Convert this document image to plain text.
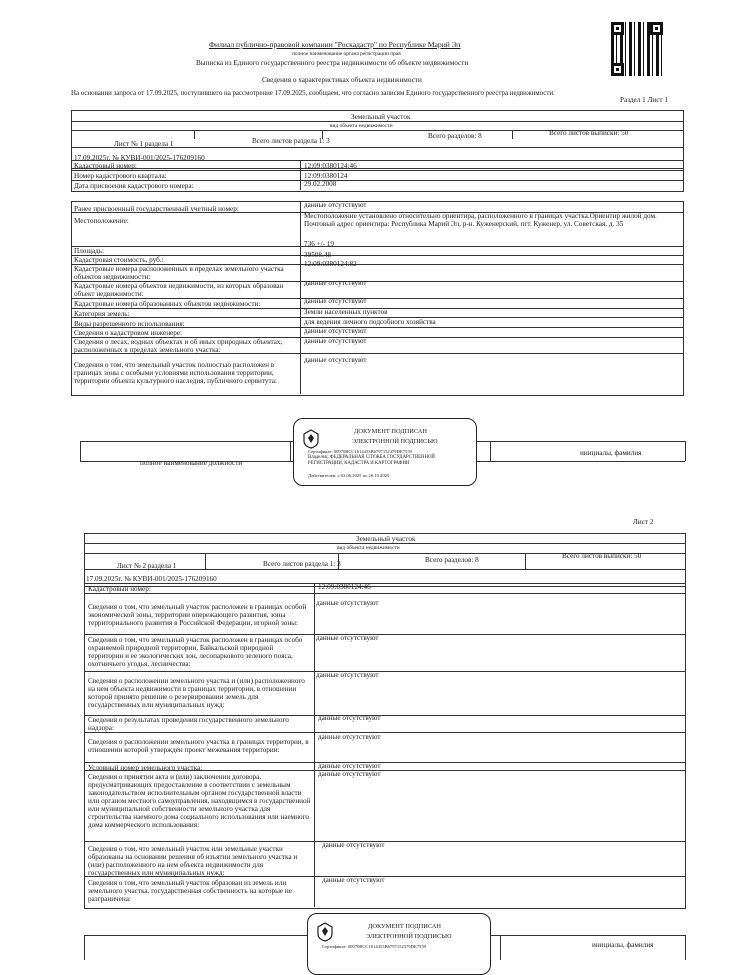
Филиал публично-правовой компании "Роскадастр" по Республике Марий Эл
полное наименование органа регистрации прав
Выписка из Единого государственного реестра недвижимости об объекте недвижимости
Сведения о характеристиках объекта недвижимости
На основании запроса от 17.09.2025, поступившего на рассмотрение 17.09.2025, сообщаем, что согласно записям Единого государственного реестра недвижимости:
Раздел 1 Лист 1
Земельный участок
вид объекта недвижимости
Лист № 1 раздела 1	Всего листов раздела 1: 3
Всего разделов: 8	Всего листов выписки: 50
17.09.2025г. № КУВИ-001/2025-176209160
Кадастровый номер:	12:09:0380124:46
Номер кадастрового квартала:	12:09:0380124
Дата присвоения кадастрового номера:	29.02.2008
Ранее присвоенный государственный учетный номер:	данные отсутствуют
Местоположение:
Местоположение установлено относительно ориентира, расположенного в границах участка.Ориентир жилой дом. Почтовый адрес ориентира: Республика Марий Эл, р-н. Куженерский, пгт. Куженер, ул. Советская, д. 35
Площадь:
736 +/- 19
Кадастровая стоимость, руб.:
39508.48
Кадастровые номера расположенных в пределах земельного участка объектов недвижимости:
12:09:0380124:82
Кадастровые номера объектов недвижимости, из которых образован объект недвижимости:
данные отсутствуют
Кадастровые номера образованных объектов недвижимости:	данные отсутствуют
Категория земель:	Земли населенных пунктов
Виды разрешенного использования:	для ведения личного подсобного хозяйства
Сведения о кадастровом инженере:	данные отсутствуют
Сведения о лесах, водных объектах и об иных природных объектах, расположенных в пределах земельного участка:
данные отсутствуют
Сведения о том, что земельный участок полностью расположен в границах зоны с особыми условиями использования территории, территории объекта культурного наследия, публичного сервитута:
данные отсутствуют
полное наименование должности
инициалы, фамилия
ДОКУМЕНТ ПОДПИСАН
ЭЛЕКТРОННОЙ ПОДПИСЬЮ
Сертификат: 00970BCC1614453B6797152379DE7559
Владелец: ФЕДЕРАЛЬНАЯ СЛУЖБА ГОСУДАРСТВЕННОЙ РЕГИСТРАЦИИ, КАДАСТРА И КАРТОГРАФИИ
Действителен: с 02.06.2025 по 26.10.2025
Лист 2
Земельный участок
вид объекта недвижимости
Лист № 2 раздела 1	Всего листов раздела 1: 3	Всего разделов: 8	Всего листов выписки: 50
17.09.2025г. № КУВИ-001/2025-176209160
Кадастровый номер:	12:09:0380124:46
Сведения о том, что земельный участок расположен в границах особой экономической зоны, территории опережающего развития, зоны территориального развития в Российской Федерации, игорной зоны:
данные отсутствуют
Сведения о том, что земельный участок расположен в границах особо охраняемой природной территории, Байкальской природной территории и ее экологических зон, лесопаркового зеленого пояса, охотничьего угодья, лесничества:
данные отсутствуют
Сведения о расположении земельного участка и (или) расположенного на нем объекта недвижимости в границах территории, в отношении которой принято решение о резервировании земель для государственных или муниципальных нужд:
данные отсутствуют
Сведения о результатах проведения государственного земельного надзора:
данные отсутствуют
Сведения о расположении земельного участка в границах территории, в отношении которой утвержден проект межевания территории:
данные отсутствуют
Условный номер земельного участка:	данные отсутствуют
Сведения о принятии акта и (или) заключении договора, предусматривающих предоставление в соответствии с земельным законодательством исполнительным органом государственной власти или органом местного самоуправления, находящимся в государственной или муниципальной собственности земельного участка для строительства наемного дома социального использования или наемного дома коммерческого использования:
данные отсутствуют
Сведения о том, что земельный участок или земельные участки образованы на основании решения об изъятии земельного участка и (или) расположенного на нем объекта недвижимости для государственных или муниципальных нужд:
данные отсутствуют
Сведения о том, что земельный участок образован из земель или земельного участка, государственная собственность на которые не разграничена:
данные отсутствуют
инициалы, фамилия
ДОКУМЕНТ ПОДПИСАН
ЭЛЕКТРОННОЙ ПОДПИСЬЮ
Сертификат: 00970BCC1614453B6797152379DE7559
